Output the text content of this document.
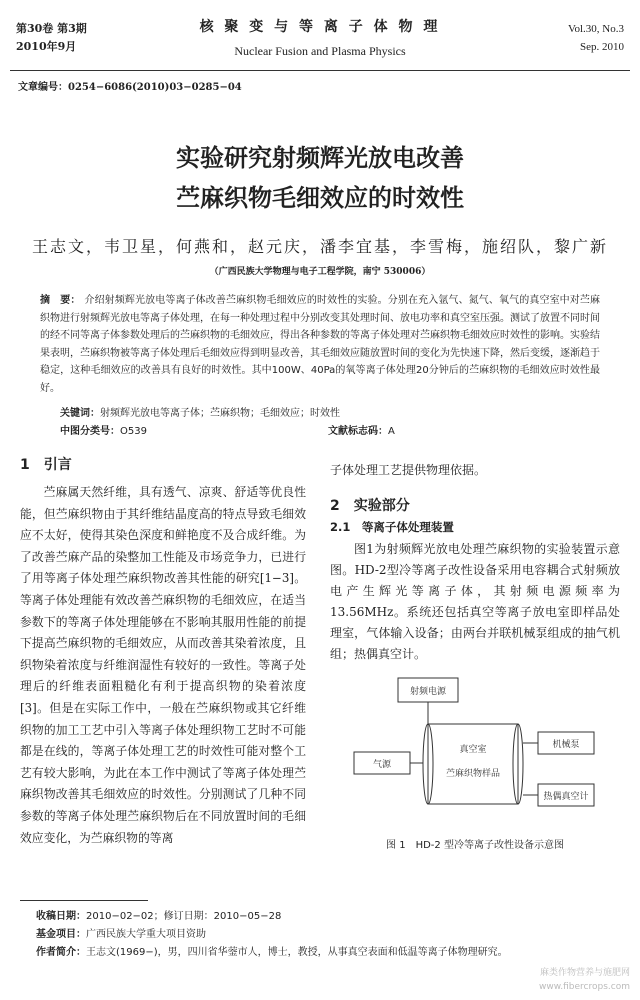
第30卷 第3期
2010年9月
核 聚 变 与 等 离 子 体 物 理
Nuclear Fusion and Plasma Physics
Vol.30, No.3
Sep. 2010
文章编号：0254−6086(2010)03−0285−04
实验研究射频辉光放电改善
苎麻织物毛细效应的时效性
王志文，韦卫星，何燕和，赵元庆，潘李宜基，李雪梅，施绍队，黎广新
（广西民族大学物理与电子工程学院，南宁 530006）
摘　要： 介绍射频辉光放电等离子体改善苎麻织物毛细效应的时效性的实验。分别在充入氩气、氮气、氧气的真空室中对苎麻织物进行射频辉光放电等离子体处理，在每一种处理过程中分别改变其处理时间、放电功率和真空室压强。测试了放置不同时间的经不同等离子体参数处理后的苎麻织物的毛细效应，得出各种参数的等离子体处理对苎麻织物毛细效应时效性的影响。实验结果表明，苎麻织物被等离子体处理后毛细效应得到明显改善，其毛细效应随放置时间的变化为先快速下降，然后变缓，逐渐趋于稳定，这种毛细效应的改善具有良好的时效性。其中100W、40Pa的氧等离子体处理20分钟后的苎麻织物的毛细效应时效性最好。
关键词：射频辉光放电等离子体；苎麻织物；毛细效应；时效性
中图分类号：O539	文献标志码：A
1　引言
苎麻属天然纤维，具有透气、凉爽、舒适等优良性能，但苎麻织物由于其纤维结晶度高的特点导致毛细效应不太好，使得其染色深度和鲜艳度不及合成纤维。为了改善苎麻产品的染整加工性能及市场竞争力，已进行了用等离子体处理苎麻织物改善其性能的研究[1−3]。等离子体处理能有效改善苎麻织物的毛细效应，在适当参数下的等离子体处理能够在不影响其服用性能的前提下提高苎麻织物的毛细效应，从而改善其染着浓度，且织物染着浓度与纤维润湿性有较好的一致性。等离子处理后的纤维表面粗糙化有利于提高织物的染着浓度[3]。但是在实际工作中，一般在苎麻织物或其它纤维织物的加工工艺中引入等离子体处理织物工艺时不可能都是在线的，等离子体处理工艺的时效性可能对整个工艺有较大影响，为此在本工作中测试了等离子体处理苎麻织物改善其毛细效应的时效性。分别测试了几种不同参数的等离子体处理苎麻织物后在不同放置时间的毛细效应变化，为苎麻织物的等离
子体处理工艺提供物理依据。
2　实验部分
2.1　等离子体处理装置
图1为射频辉光放电处理苎麻织物的实验装置示意图。HD-2型冷等离子改性设备采用电容耦合式射频放电产生辉光等离子体，其射频电源频率为13.56MHz。系统还包括真空等离子放电室即样品处理室，气体输入设备；由两台并联机械泵组成的抽气机组；热偶真空计。
射频电源
真空室
苎麻织物样品
气源
机械泵
热偶真空计
图 1　HD-2 型冷等离子改性设备示意图
收稿日期：2010−02−02；修订日期：2010−05−28
基金项目：广西民族大学重大项目资助
作者简介：王志文(1969−)，男，四川省华蓥市人，博士，教授，从事真空表面和低温等离子体物理研究。
麻类作物营养与施肥网
www.fibercrops.com
